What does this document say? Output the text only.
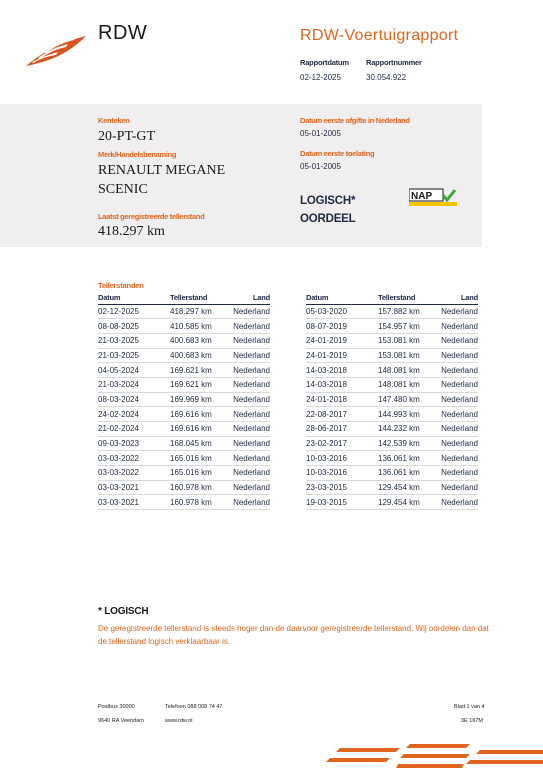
RDW	RDW-Voertuigrapport
Rapportdatum
02-12-2025
Rapportnummer
30.054.922
Kenteken
20-PT-GT
Merk/Handelsbenaming
RENAULT MEGANE
SCENIC
Laatst geregistreerde tellerstand
418.297 km
Datum eerste afgifte in Nederland
05-01-2005
Datum eerste toelating
05-01-2005
LOGISCH*
OORDEEL
NAP
Tellerstanden
Datum	Tellerstand	Land
02-12-2025	418.297 km	Nederland
08-08-2025	410.585 km	Nederland
21-03-2025	400.683 km	Nederland
21-03-2025	400.683 km	Nederland
04-05-2024	169.621 km	Nederland
21-03-2024	169.621 km	Nederland
08-03-2024	169.969 km	Nederland
24-02-2024	169.616 km	Nederland
21-02-2024	169.616 km	Nederland
09-03-2023	168.045 km	Nederland
03-03-2022	165.016 km	Nederland
03-03-2022	165.016 km	Nederland
03-03-2021	160.978 km	Nederland
03-03-2021	160.978 km	Nederland
Datum	Tellerstand	Land
05-03-2020	157.882 km	Nederland
08-07-2019	154.957 km	Nederland
24-01-2019	153.081 km	Nederland
24-01-2019	153.081 km	Nederland
14-03-2018	148.081 km	Nederland
14-03-2018	148.081 km	Nederland
24-01-2018	147.480 km	Nederland
22-08-2017	144.993 km	Nederland
28-06-2017	144.232 km	Nederland
23-02-2017	142.539 km	Nederland
10-03-2016	136.061 km	Nederland
10-03-2016	136.061 km	Nederland
23-03-2015	129.454 km	Nederland
19-03-2015	129.454 km	Nederland
* LOGISCH
De geregistreerde tellerstand is steeds hoger dan de daarvoor geregistreerde tellerstand. Wij oordelen dan dat de tellerstand logisch verklaarbaar is.
Postbus 30000
9640 RA Veendam
Telefoon 088 008 74 47
www.rdw.nl
Blad 1 van 4
3E 167M
